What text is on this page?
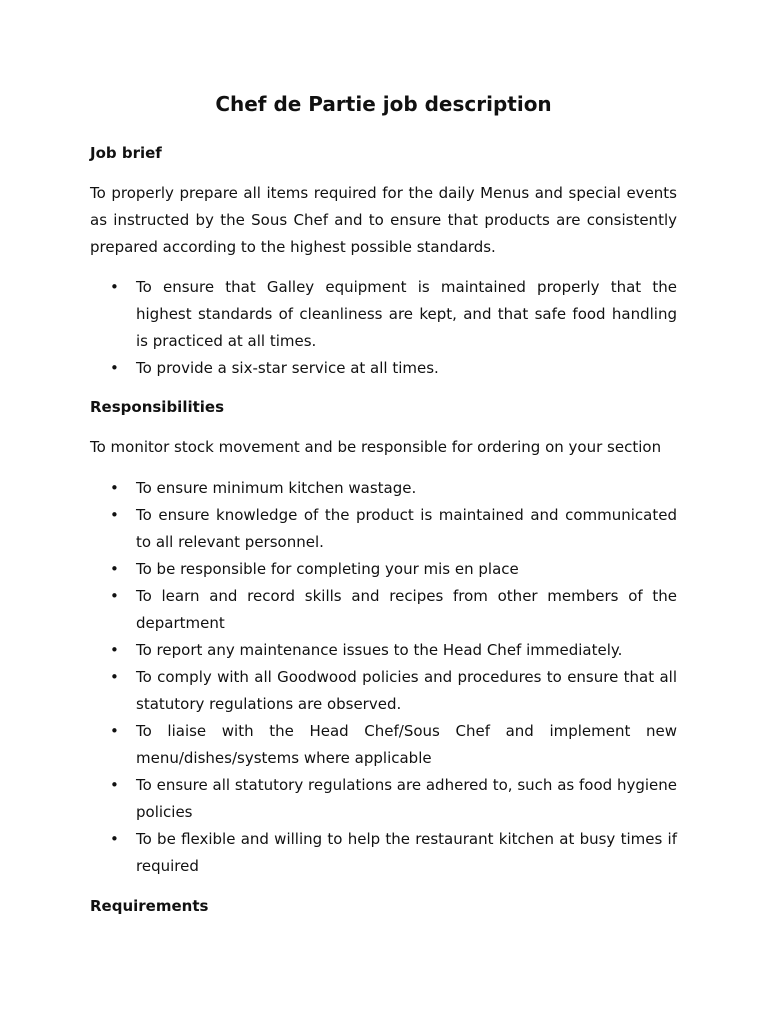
Chef de Partie job description
Job brief

To properly prepare all items required for the daily Menus and special events as instructed by the Sous Chef and to ensure that products are consistently prepared according to the highest possible standards.

• To ensure that Galley equipment is maintained properly that the highest standards of cleanliness are kept, and that safe food handling is practiced at all times.
• To provide a six-star service at all times.
Responsibilities

To monitor stock movement and be responsible for ordering on your section

• To ensure minimum kitchen wastage.
• To ensure knowledge of the product is maintained and communicated to all relevant personnel.
• To be responsible for completing your mis en place
• To learn and record skills and recipes from other members of the department
• To report any maintenance issues to the Head Chef immediately.
• To comply with all Goodwood policies and procedures to ensure that all statutory regulations are observed.
• To liaise with the Head Chef/Sous Chef and implement new menu/dishes/systems where applicable
• To ensure all statutory regulations are adhered to, such as food hygiene policies
• To be flexible and willing to help the restaurant kitchen at busy times if required
Requirements
